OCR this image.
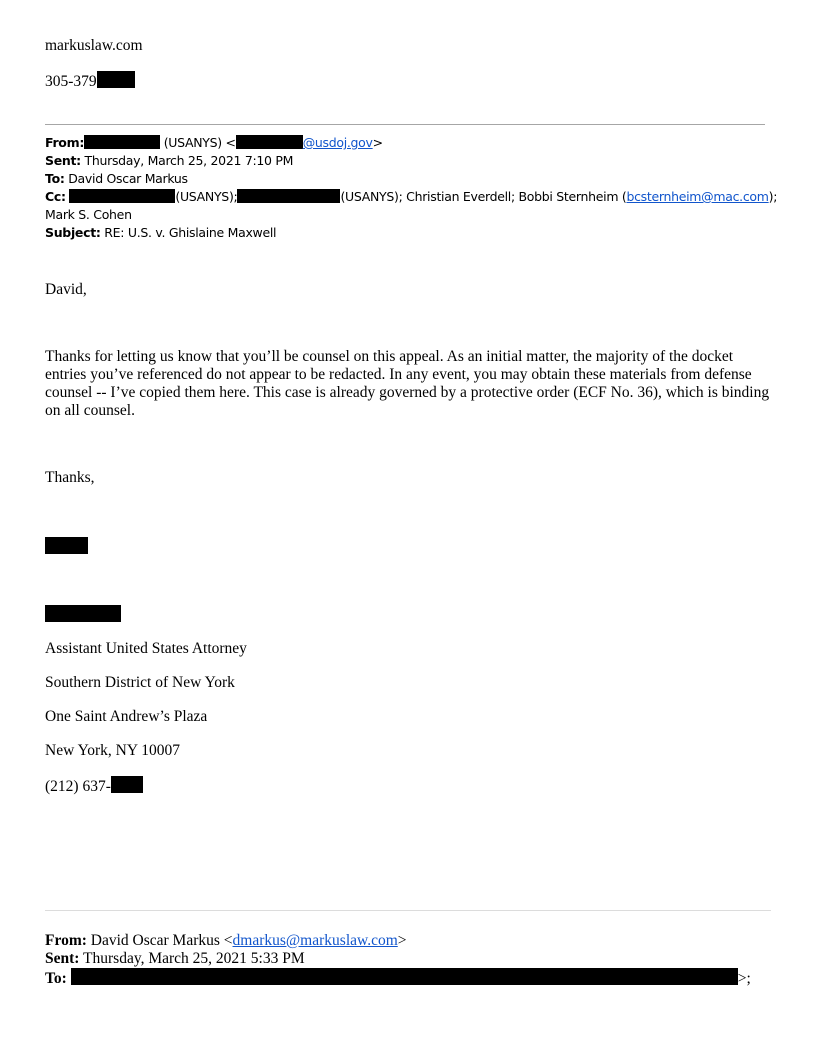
markuslaw.com
305-379
From:	(USANYS) <	@usdoj.gov>
Sent: Thursday, March 25, 2021 7:10 PM
To: David Oscar Markus
Cc:	(USANYS);	(USANYS); Christian Everdell; Bobbi Sternheim (bcsternheim@mac.com);
Mark S. Cohen
Subject: RE: U.S. v. Ghislaine Maxwell
David,
Thanks for letting us know that you’ll be counsel on this appeal. As an initial matter, the majority of the docket entries you’ve referenced do not appear to be redacted. In any event, you may obtain these materials from defense counsel -- I’ve copied them here. This case is already governed by a protective order (ECF No. 36), which is binding on all counsel.
Thanks,
Assistant United States Attorney
Southern District of New York
One Saint Andrew’s Plaza
New York, NY 10007
(212) 637-
From: David Oscar Markus <dmarkus@markuslaw.com>
Sent: Thursday, March 25, 2021 5:33 PM
To:	>;
